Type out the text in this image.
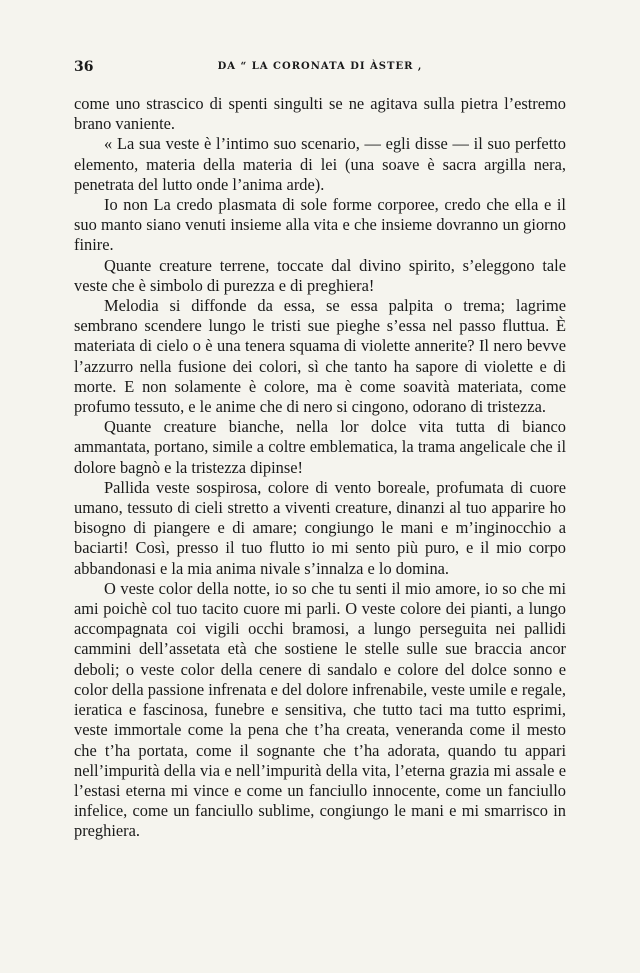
36	DA “ LA CORONATA DI ÀSTER ,

come uno strascico di spenti singulti se ne agitava sulla pietra l’estremo brano vaniente.

« La sua veste è l’intimo suo scenario, — egli disse — il suo perfetto elemento, materia della materia di lei (una soave è sacra argilla nera, penetrata del lutto onde l’anima arde).

Io non La credo plasmata di sole forme corporee, credo che ella e il suo manto siano venuti insieme alla vita e che insieme dovranno un giorno finire.

Quante creature terrene, toccate dal divino spirito, s’eleggono tale veste che è simbolo di purezza e di preghiera!

Melodia si diffonde da essa, se essa palpita o trema; lagrime sembrano scendere lungo le tristi sue pieghe s’essa nel passo fluttua. È materiata di cielo o è una tenera squama di violette annerite? Il nero bevve l’azzurro nella fusione dei colori, sì che tanto ha sapore di violette e di morte. E non solamente è colore, ma è come soavità materiata, come profumo tessuto, e le anime che di nero si cingono, odorano di tristezza.

Quante creature bianche, nella lor dolce vita tutta di bianco ammantata, portano, simile a coltre emblematica, la trama angelicale che il dolore bagnò e la tristezza dipinse!

Pallida veste sospirosa, colore di vento boreale, profumata di cuore umano, tessuto di cieli stretto a viventi creature, dinanzi al tuo apparire ho bisogno di piangere e di amare; congiungo le mani e m’inginocchio a baciarti! Così, presso il tuo flutto io mi sento più puro, e il mio corpo abbandonasi e la mia anima nivale s’innalza e lo domina.

O veste color della notte, io so che tu senti il mio amore, io so che mi ami poichè col tuo tacito cuore mi parli. O veste colore dei pianti, a lungo accompagnata coi vigili occhi bramosi, a lungo perseguita nei pallidi cammini dell’assetata età che sostiene le stelle sulle sue braccia ancor deboli; o veste color della cenere di sandalo e colore del dolce sonno e color della passione infrenata e del dolore infrenabile, veste umile e regale, ieratica e fascinosa, funebre e sensitiva, che tutto taci ma tutto esprimi, veste immortale come la pena che t’ha creata, veneranda come il mesto che t’ha portata, come il sognante che t’ha adorata, quando tu appari nell’impurità della via e nell’impurità della vita, l’eterna grazia mi assale e l’estasi eterna mi vince e come un fanciullo innocente, come un fanciullo infelice, come un fanciullo sublime, congiungo le mani e mi smarrisco in preghiera.
